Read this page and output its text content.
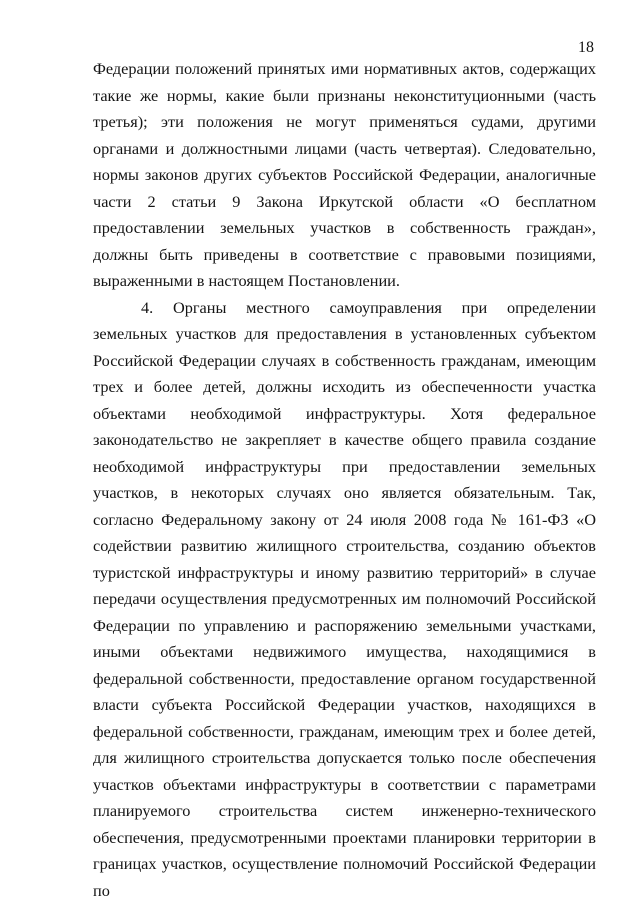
18

Федерации положений принятых ими нормативных актов, содержащих такие же нормы, какие были признаны неконституционными (часть третья); эти положения не могут применяться судами, другими органами и должностными лицами (часть четвертая). Следовательно, нормы законов других субъектов Российской Федерации, аналогичные части 2 статьи 9 Закона Иркутской области «О бесплатном предоставлении земельных участков в собственность граждан», должны быть приведены в соответствие с правовыми позициями, выраженными в настоящем Постановлении.

4. Органы местного самоуправления при определении земельных участков для предоставления в установленных субъектом Российской Федерации случаях в собственность гражданам, имеющим трех и более детей, должны исходить из обеспеченности участка объектами необходимой инфраструктуры. Хотя федеральное законодательство не закрепляет в качестве общего правила создание необходимой инфраструктуры при предоставлении земельных участков, в некоторых случаях оно является обязательным. Так, согласно Федеральному закону от 24 июля 2008 года № 161-ФЗ «О содействии развитию жилищного строительства, созданию объектов туристской инфраструктуры и иному развитию территорий» в случае передачи осуществления предусмотренных им полномочий Российской Федерации по управлению и распоряжению земельными участками, иными объектами недвижимого имущества, находящимися в федеральной собственности, предоставление органом государственной власти субъекта Российской Федерации участков, находящихся в федеральной собственности, гражданам, имеющим трех и более детей, для жилищного строительства допускается только после обеспечения участков объектами инфраструктуры в соответствии с параметрами планируемого строительства систем инженерно-технического обеспечения, предусмотренными проектами планировки территории в границах участков, осуществление полномочий Российской Федерации по
